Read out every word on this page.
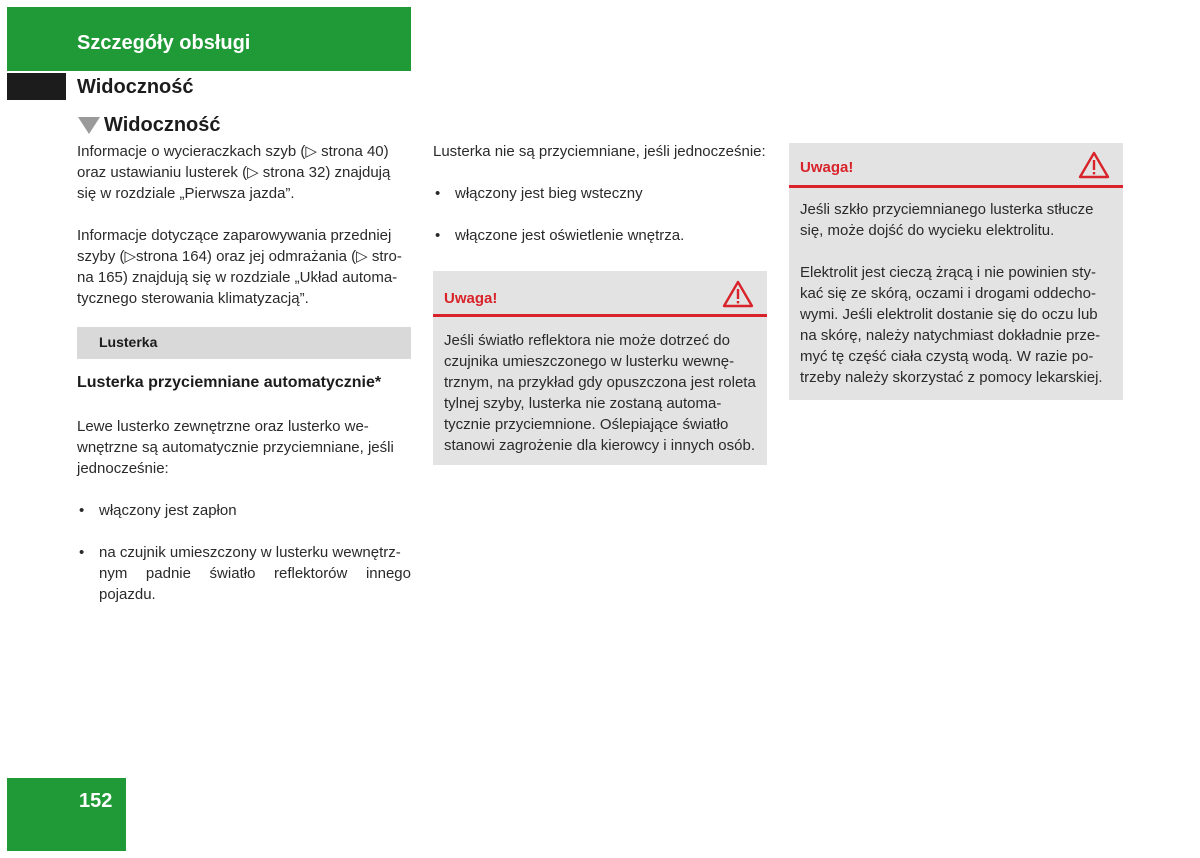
Szczegóły obsługi
Widoczność
Widoczność
Informacje o wycieraczkach szyb (▷ strona 40)
oraz ustawianiu lusterek (▷ strona 32) znajdują
się w rozdziale „Pierwsza jazda”.
Informacje dotyczące zaparowywania przedniej
szyby (▷strona 164) oraz jej odmrażania (▷ stro-
na 165) znajdują się w rozdziale „Układ automa-
tycznego sterowania klimatyzacją”.
Lusterka
Lusterka przyciemniane automatycznie*
Lewe lusterko zewnętrzne oraz lusterko we-
wnętrzne są automatycznie przyciemniane, jeśli
jednocześnie:
• włączony jest zapłon
• na czujnik umieszczony w lusterku wewnętrz-
nym padnie światło reflektorów innego pojazdu.
Lusterka nie są przyciemniane, jeśli jednocześnie:
• włączony jest bieg wsteczny
• włączone jest oświetlenie wnętrza.
Uwaga!
Jeśli światło reflektora nie może dotrzeć do
czujnika umieszczonego w lusterku wewnę-
trznym, na przykład gdy opuszczona jest roleta
tylnej szyby, lusterka nie zostaną automa-
tycznie przyciemnione. Oślepiające światło
stanowi zagrożenie dla kierowcy i innych osób.
Uwaga!
Jeśli szkło przyciemnianego lusterka stłucze
się, może dojść do wycieku elektrolitu.
Elektrolit jest cieczą żrącą i nie powinien sty-
kać się ze skórą, oczami i drogami oddecho-
wymi. Jeśli elektrolit dostanie się do oczu lub
na skórę, należy natychmiast dokładnie prze-
myć tę część ciała czystą wodą. W razie po-
trzeby należy skorzystać z pomocy lekarskiej.
152
